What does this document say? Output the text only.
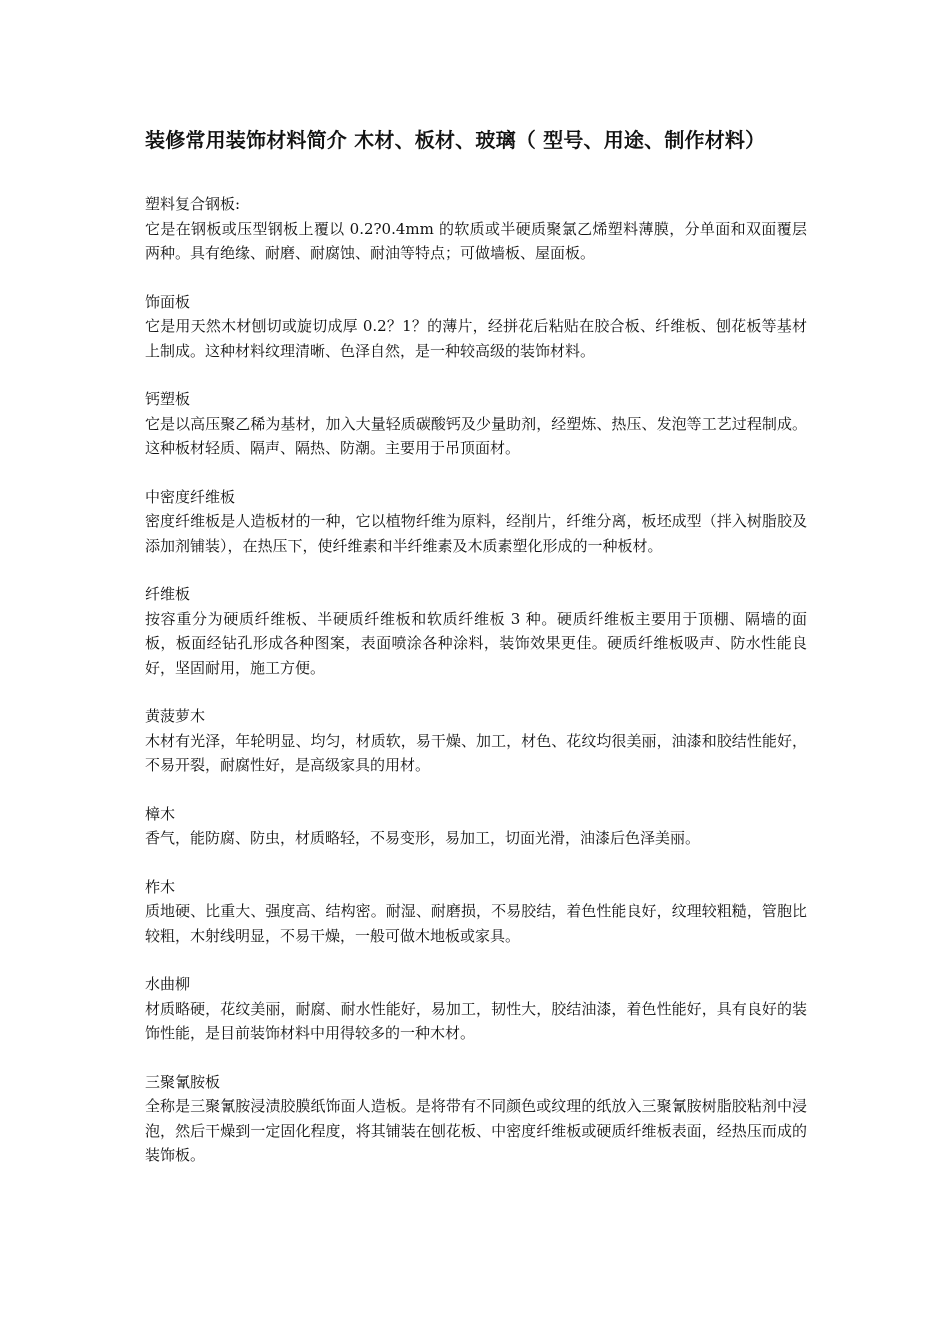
装修常用装饰材料简介 木材、板材、玻璃（ 型号、用途、制作材料）

塑料复合钢板:

它是在钢板或压型钢板上覆以 0.2?0.4mm 的软质或半硬质聚氯乙烯塑料薄膜，分单面和双面覆层两种。具有绝缘、耐磨、耐腐蚀、耐油等特点；可做墙板、屋面板。

饰面板

它是用天然木材刨切或旋切成厚 0.2？1？的薄片，经拼花后粘贴在胶合板、纤维板、刨花板等基材上制成。这种材料纹理清晰、色泽自然，是一种较高级的装饰材料。

钙塑板

它是以高压聚乙稀为基材，加入大量轻质碳酸钙及少量助剂，经塑炼、热压、发泡等工艺过程制成。这种板材轻质、隔声、隔热、防潮。主要用于吊顶面材。

中密度纤维板

密度纤维板是人造板材的一种，它以植物纤维为原料，经削片，纤维分离，板坯成型（拌入树脂胶及添加剂铺装），在热压下，使纤维素和半纤维素及木质素塑化形成的一种板材。

纤维板

按容重分为硬质纤维板、半硬质纤维板和软质纤维板 3 种。硬质纤维板主要用于顶棚、隔墙的面板，板面经钻孔形成各种图案，表面喷涂各种涂料，装饰效果更佳。硬质纤维板吸声、防水性能良好，坚固耐用，施工方便。

黄菠萝木

木材有光泽，年轮明显、均匀，材质软，易干燥、加工，材色、花纹均很美丽，油漆和胶结性能好，不易开裂，耐腐性好，是高级家具的用材。

樟木

香气，能防腐、防虫，材质略轻，不易变形，易加工，切面光滑，油漆后色泽美丽。

柞木

质地硬、比重大、强度高、结构密。耐湿、耐磨损，不易胶结，着色性能良好，纹理较粗糙，管胞比较粗，木射线明显，不易干燥，一般可做木地板或家具。

水曲柳

材质略硬，花纹美丽，耐腐、耐水性能好，易加工，韧性大，胶结油漆，着色性能好，具有良好的装饰性能，是目前装饰材料中用得较多的一种木材。

三聚氰胺板

全称是三聚氰胺浸渍胶膜纸饰面人造板。是将带有不同颜色或纹理的纸放入三聚氰胺树脂胶粘剂中浸泡，然后干燥到一定固化程度，将其铺装在刨花板、中密度纤维板或硬质纤维板表面，经热压而成的装饰板。
